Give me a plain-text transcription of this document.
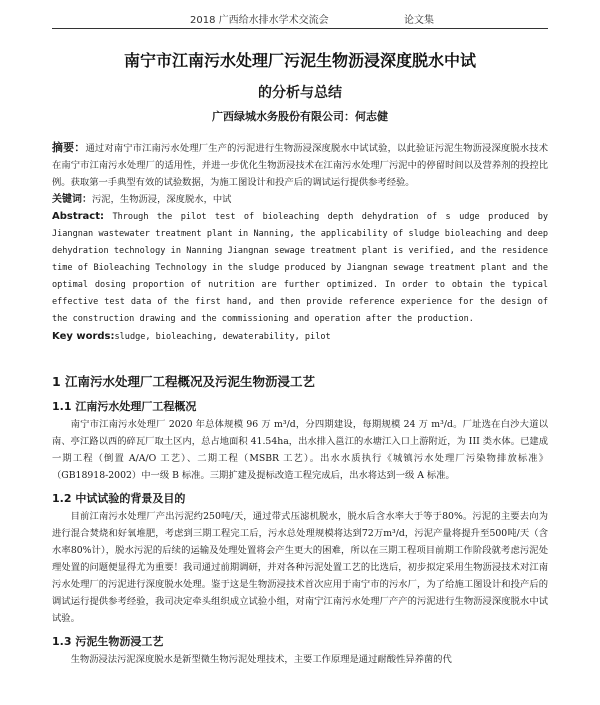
2018 广西给水排水学术交流会	论文集
南宁市江南污水处理厂污泥生物沥浸深度脱水中试
的分析与总结
广西绿城水务股份有限公司：何志健
摘要：通过对南宁市江南污水处理厂生产的污泥进行生物沥浸深度脱水中试试验，以此验证污泥生物沥浸深度脱水技术在南宁市江南污水处理厂的适用性，并进一步优化生物沥浸技术在江南污水处理厂污泥中的停留时间以及营养剂的投控比例。获取第一手典型有效的试验数据，为施工图设计和投产后的调试运行提供参考经验。
关键词：污泥，生物沥浸，深度脱水，中试
Abstract: Through the pilot test of bioleaching depth dehydration of s udge produced by Jiangnan wastewater treatment plant in Nanning, the applicability of sludge bioleaching and deep dehydration technology in Nanning Jiangnan sewage treatment plant is verified, and the residence time of Bioleaching Technology in the sludge produced by Jiangnan sewage treatment plant and the optimal dosing proportion of nutrition are further optimized. In order to obtain the typical effective test data of the first hand, and then provide reference experience for the design of the construction drawing and the commissioning and operation after the production.
Key words:sludge, bioleaching, dewaterability, pilot
1 江南污水处理厂工程概况及污泥生物沥浸工艺
1.1 江南污水处理厂工程概况

南宁市江南污水处理厂 2020 年总体规模 96 万 m³/d，分四期建设，每期规模 24 万 m³/d。厂址选在白沙大道以南、亭江路以西的碎瓦厂取土区内，总占地面积 41.54ha，出水排入邕江的水塘江入口上游附近，为 III 类水体。已建成一期工程（倒置 A/A/O 工艺）、二期工程（MSBR 工艺）。出水水质执行《城镇污水处理厂污染物排放标准》（GB18918-2002）中一级 B 标准。三期扩建及提标改造工程完成后，出水将达到一级 A 标准。

1.2 中试试验的背景及目的

目前江南污水处理厂产出污泥约250吨/天，通过带式压滤机脱水，脱水后含水率大于等于80%。污泥的主要去向为进行混合焚烧和好氧堆肥，考虑到三期工程完工后，污水总处理规模将达到72万m³/d，污泥产量将提升至500吨/天（含水率80%计），脱水污泥的后续的运输及处理处置将会产生更大的困难，所以在三期工程项目前期工作阶段就考虑污泥处理处置的问题便显得尤为重要！我司通过前期调研，并对各种污泥处置工艺的比选后，初步拟定采用生物沥浸技术对江南污水处理厂的污泥进行深度脱水处理。鉴于这是生物沥浸技术首次应用于南宁市的污水厂，为了给施工图设计和投产后的调试运行提供参考经验，我司决定牵头组织成立试验小组，对南宁江南污水处理厂产产的污泥进行生物沥浸深度脱水中试试验。

1.3 污泥生物沥浸工艺

生物沥浸法污泥深度脱水是新型微生物污泥处理技术，主要工作原理是通过耐酸性异养菌的代
